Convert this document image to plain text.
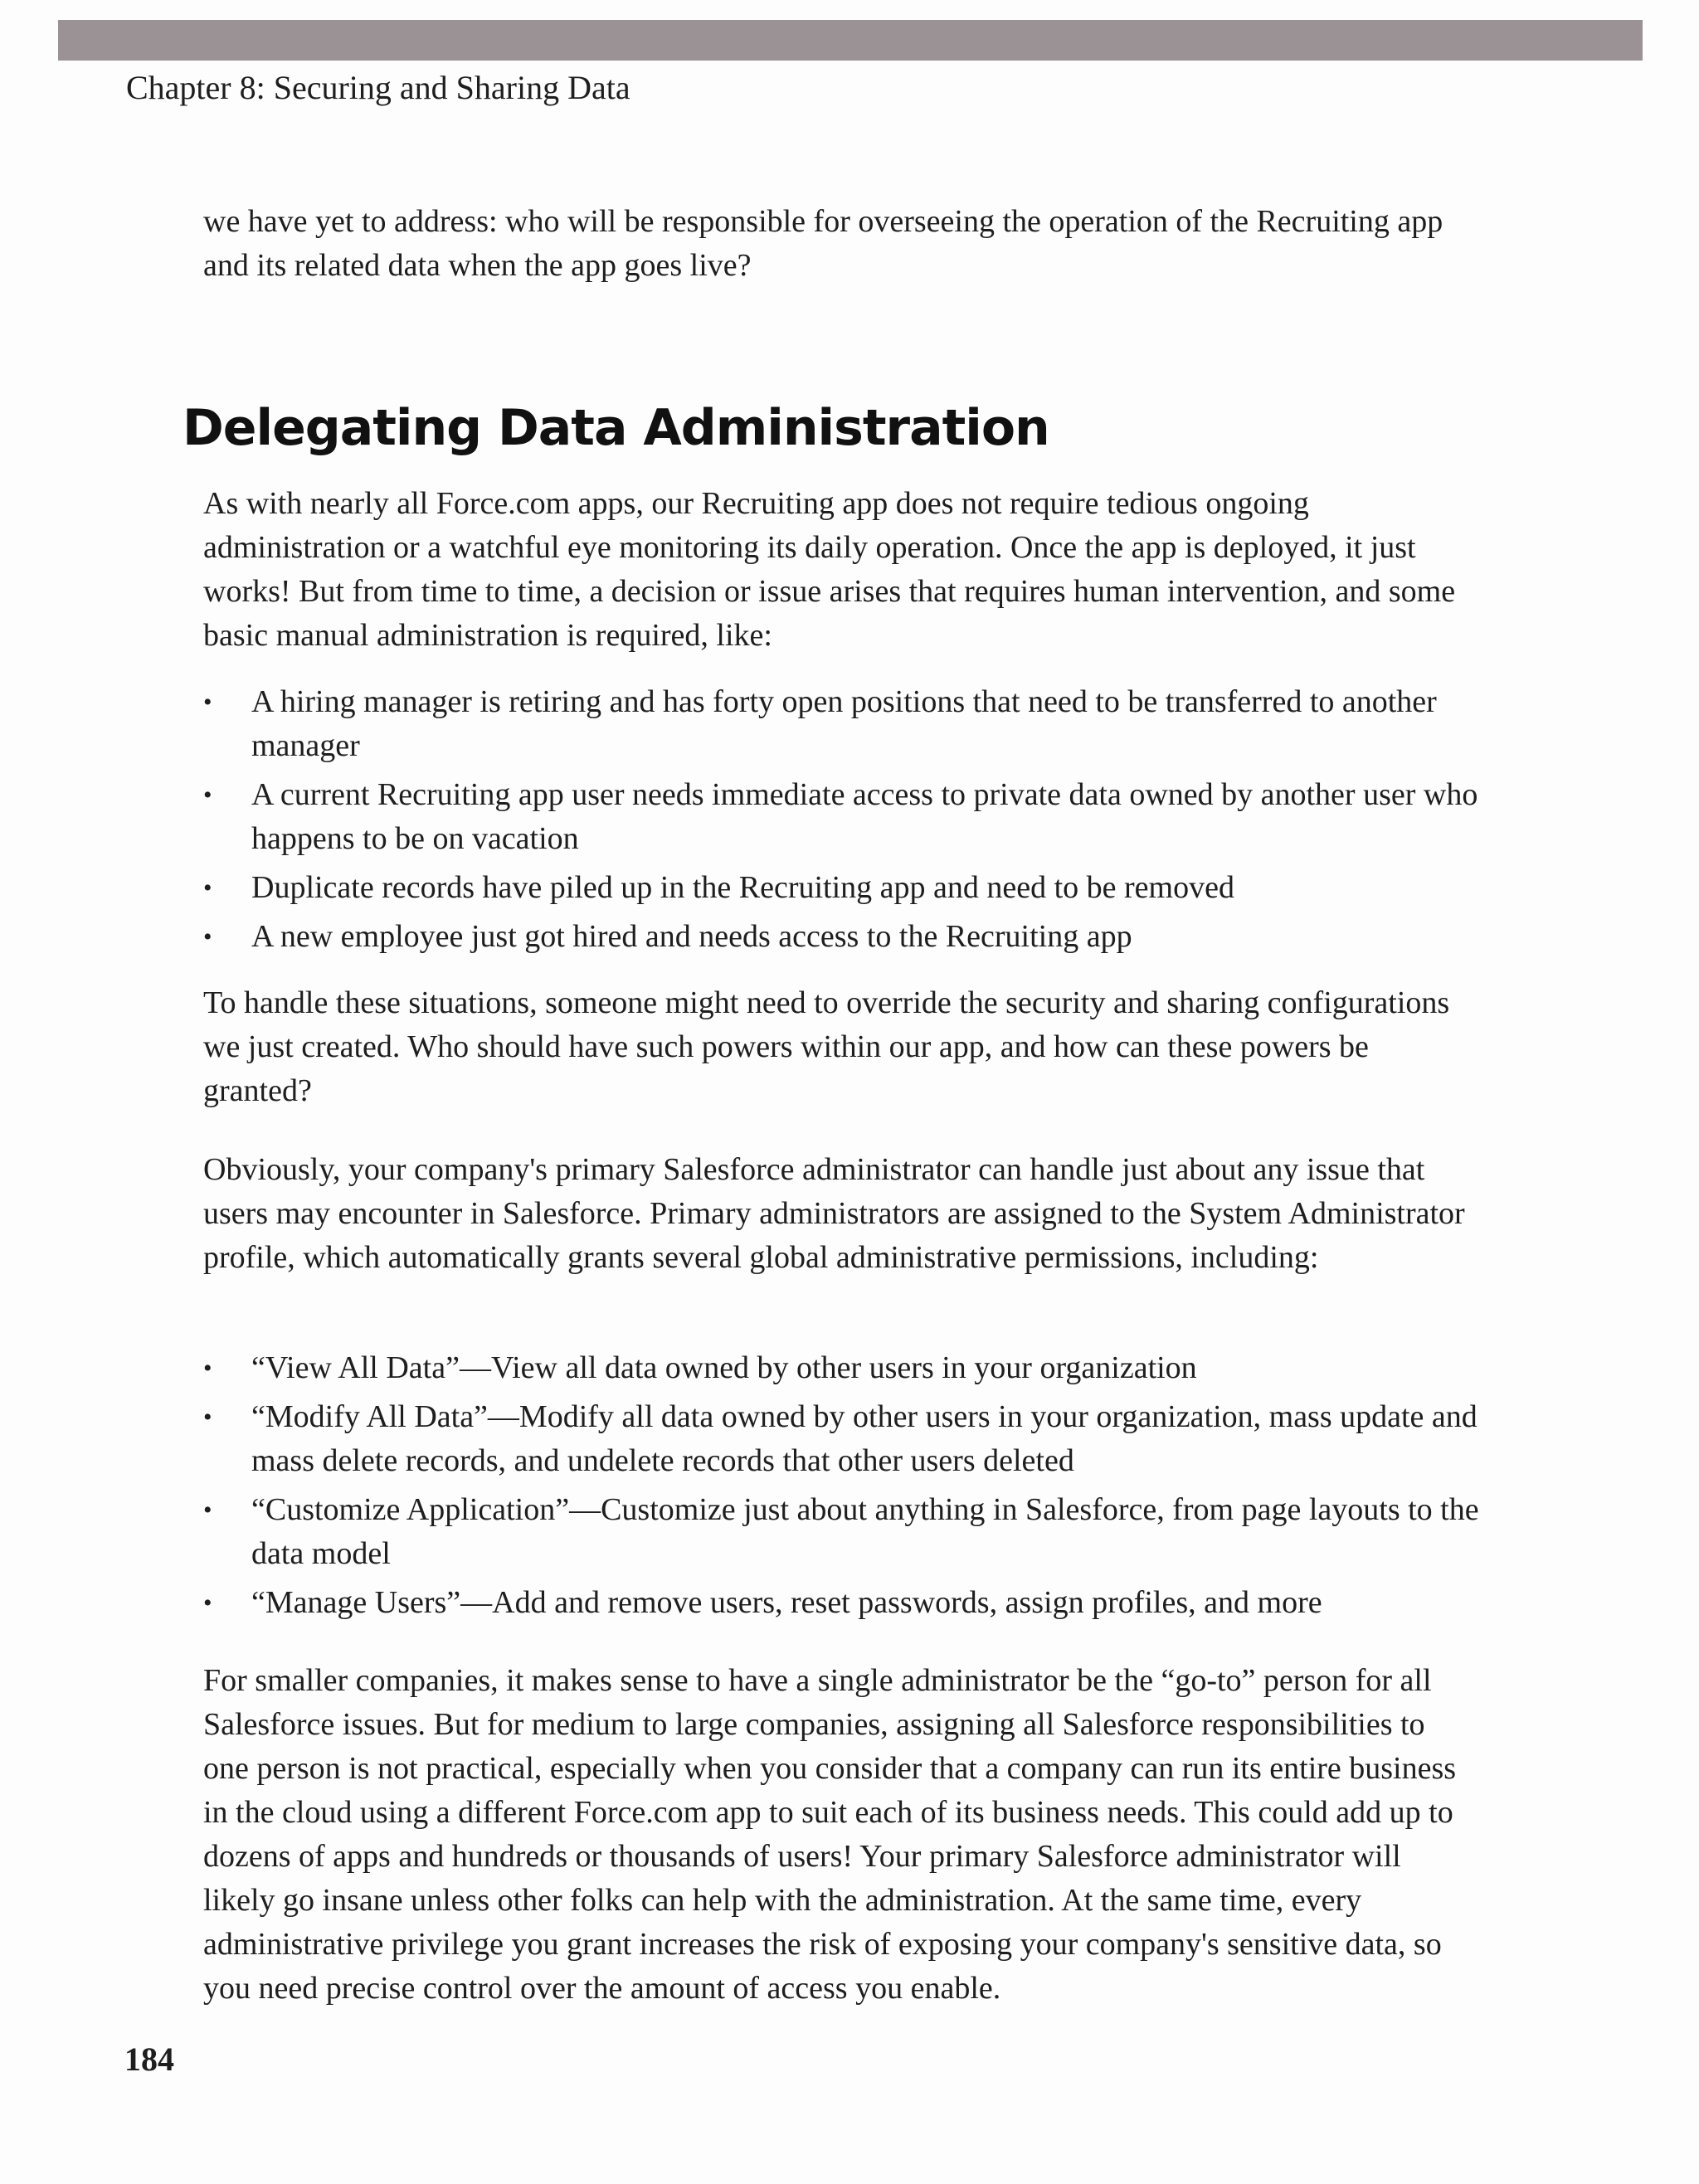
Chapter 8: Securing and Sharing Data

we have yet to address: who will be responsible for overseeing the operation of the Recruiting app and its related data when the app goes live?

Delegating Data Administration

As with nearly all Force.com apps, our Recruiting app does not require tedious ongoing administration or a watchful eye monitoring its daily operation. Once the app is deployed, it just works! But from time to time, a decision or issue arises that requires human intervention, and some basic manual administration is required, like:

•	A hiring manager is retiring and has forty open positions that need to be transferred to another manager
•	A current Recruiting app user needs immediate access to private data owned by another user who happens to be on vacation
•	Duplicate records have piled up in the Recruiting app and need to be removed
•	A new employee just got hired and needs access to the Recruiting app

To handle these situations, someone might need to override the security and sharing configurations we just created. Who should have such powers within our app, and how can these powers be granted?

Obviously, your company's primary Salesforce administrator can handle just about any issue that users may encounter in Salesforce. Primary administrators are assigned to the System Administrator profile, which automatically grants several global administrative permissions, including:

•	“View All Data”—View all data owned by other users in your organization
•	“Modify All Data”—Modify all data owned by other users in your organization, mass update and mass delete records, and undelete records that other users deleted
•	“Customize Application”—Customize just about anything in Salesforce, from page layouts to the data model
•	“Manage Users”—Add and remove users, reset passwords, assign profiles, and more

For smaller companies, it makes sense to have a single administrator be the “go-to” person for all Salesforce issues. But for medium to large companies, assigning all Salesforce responsibilities to one person is not practical, especially when you consider that a company can run its entire business in the cloud using a different Force.com app to suit each of its business needs. This could add up to dozens of apps and hundreds or thousands of users! Your primary Salesforce administrator will likely go insane unless other folks can help with the administration. At the same time, every administrative privilege you grant increases the risk of exposing your company's sensitive data, so you need precise control over the amount of access you enable.

184
